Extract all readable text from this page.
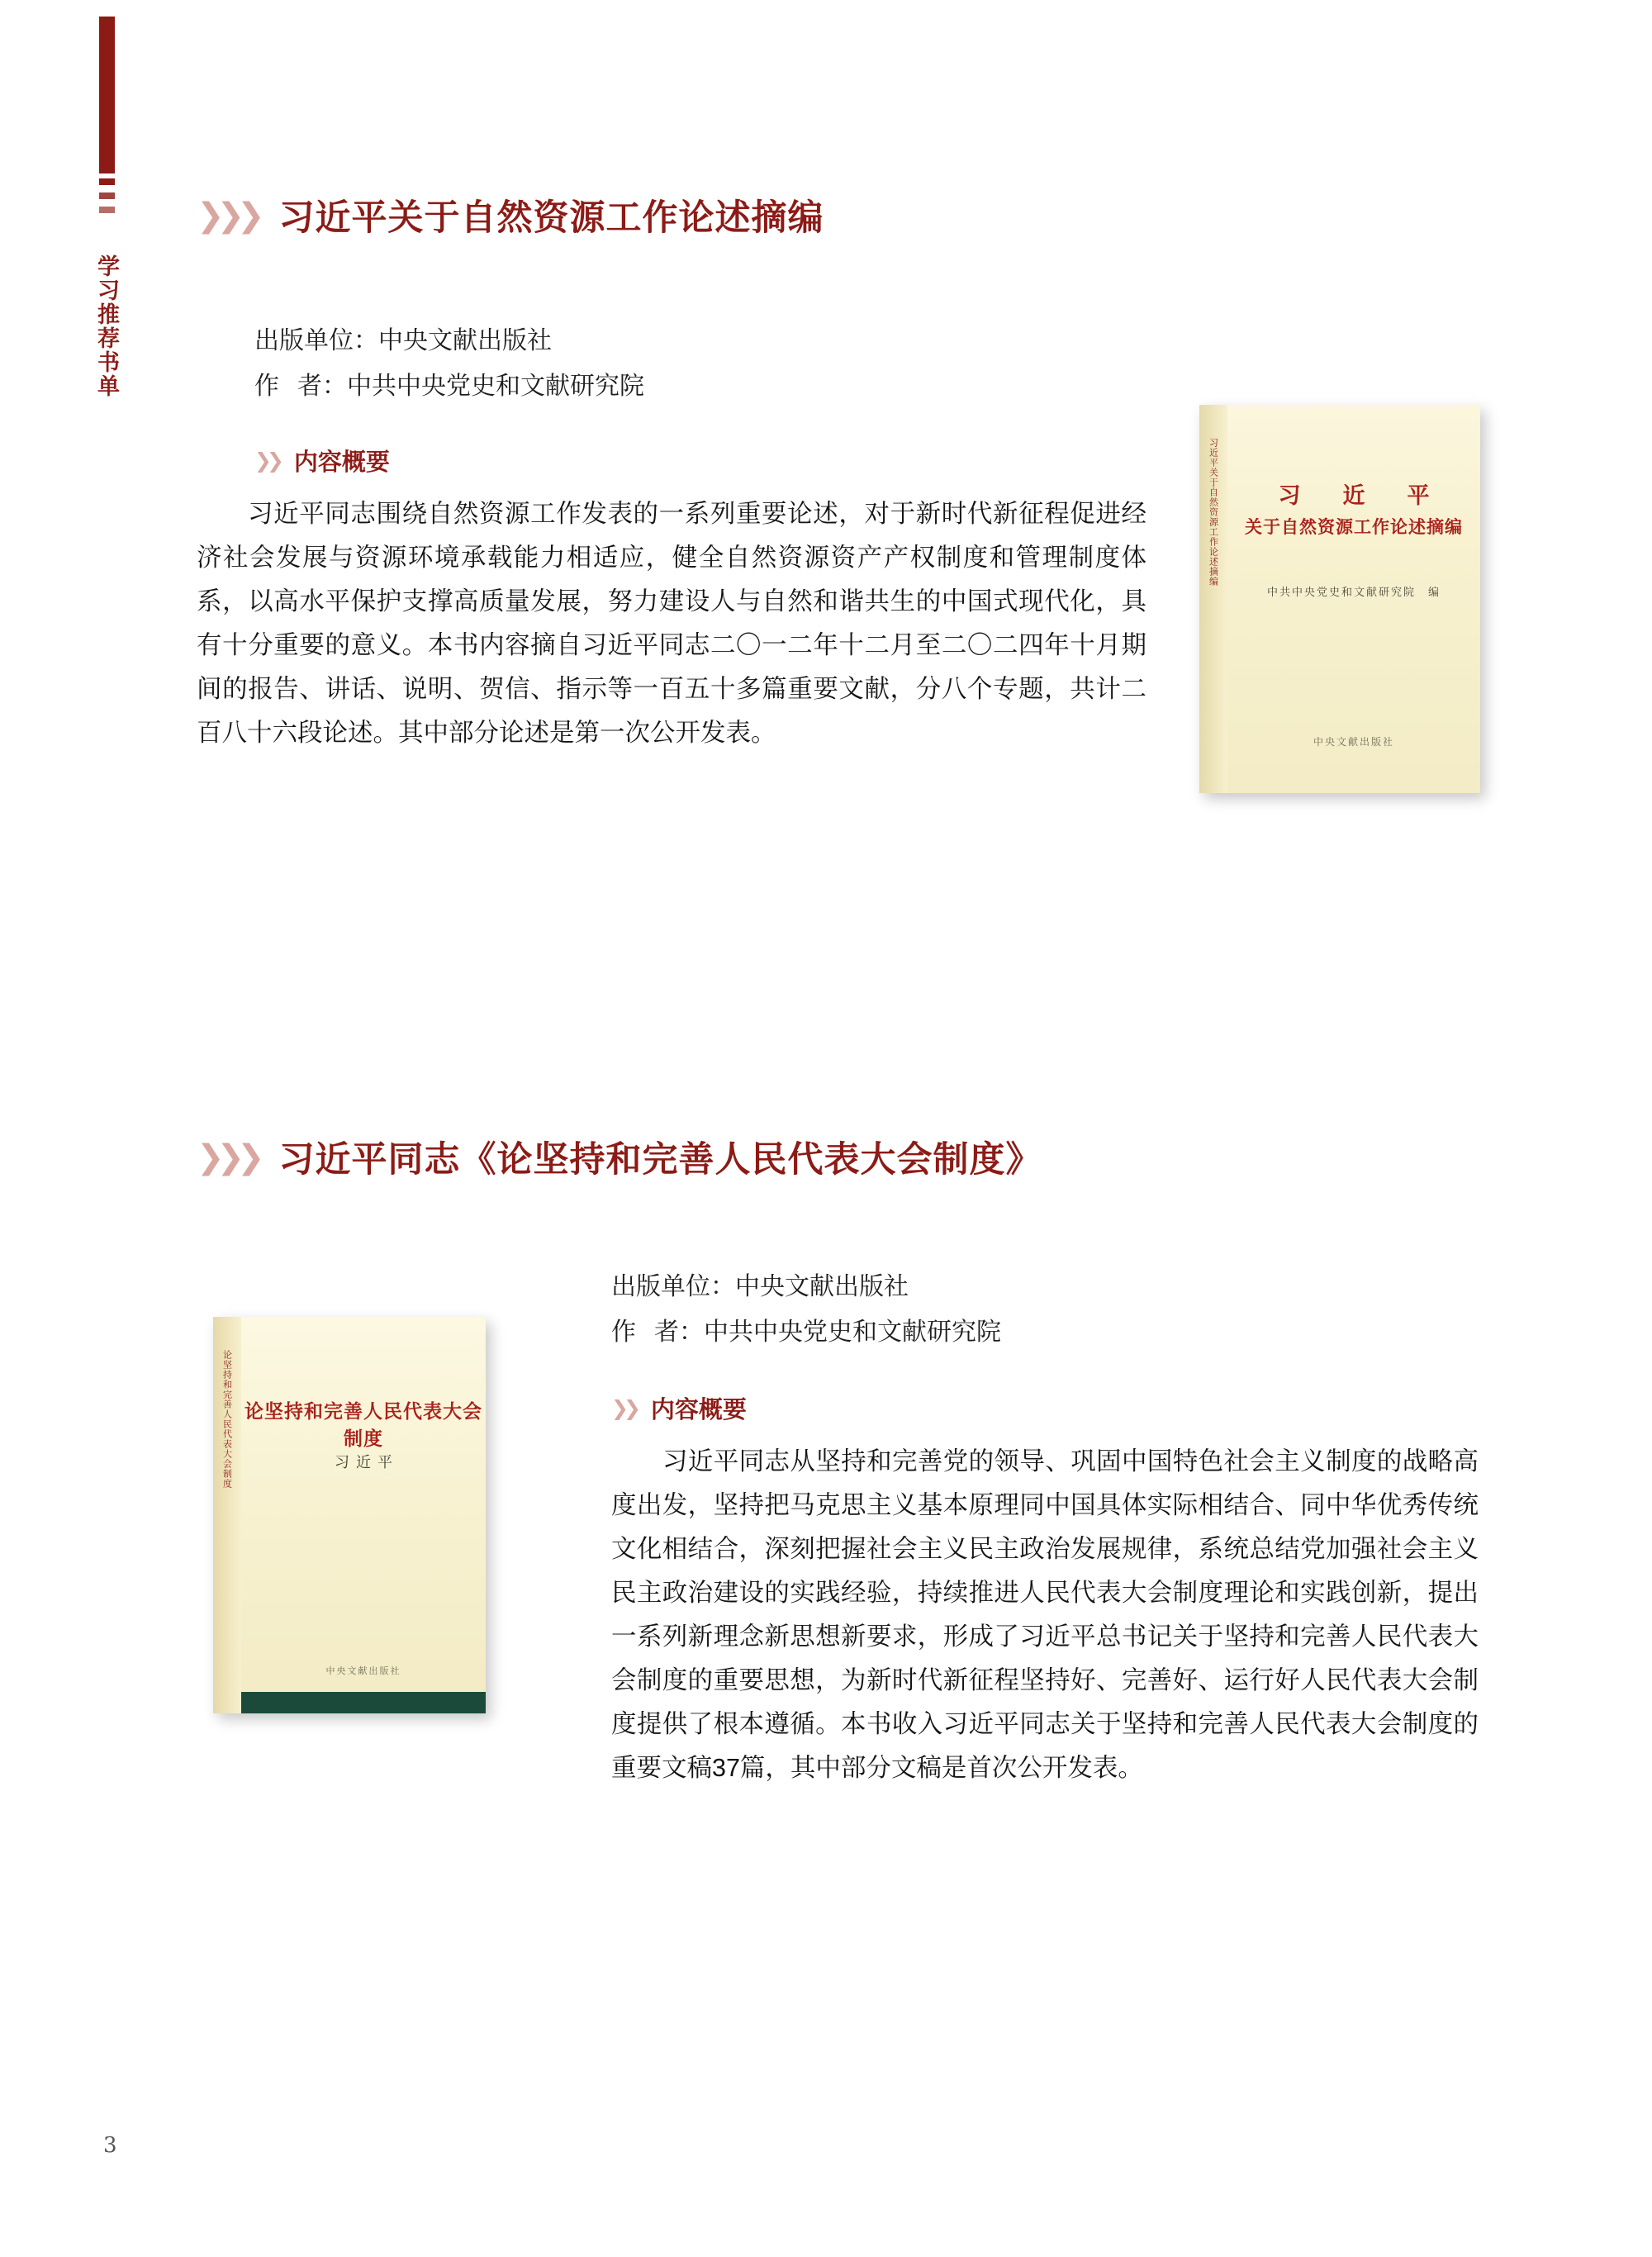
学习推荐书单
❯❯❯ 习近平关于自然资源工作论述摘编
出版单位：中央文献出版社
作者：中共中央党史和文献研究院
❯❯ 内容概要
习近平同志围绕自然资源工作发表的一系列重要论述，对于新时代新征程促进经济社会发展与资源环境承载能力相适应，健全自然资源资产产权制度和管理制度体系，以高水平保护支撑高质量发展，努力建设人与自然和谐共生的中国式现代化，具有十分重要的意义。本书内容摘自习近平同志二〇一二年十二月至二〇二四年十月期间的报告、讲话、说明、贺信、指示等一百五十多篇重要文献，分八个专题，共计二百八十六段论述。其中部分论述是第一次公开发表。
习近平关于自然资源工作论述摘编	习　近　平
关于自然资源工作论述摘编
中共中央党史和文献研究院　编
中央文献出版社
❯❯❯ 习近平同志《论坚持和完善人民代表大会制度》
出版单位：中央文献出版社
作者：中共中央党史和文献研究院
❯❯ 内容概要
习近平同志从坚持和完善党的领导、巩固中国特色社会主义制度的战略高度出发，坚持把马克思主义基本原理同中国具体实际相结合、同中华优秀传统文化相结合，深刻把握社会主义民主政治发展规律，系统总结党加强社会主义民主政治建设的实践经验，持续推进人民代表大会制度理论和实践创新，提出一系列新理念新思想新要求，形成了习近平总书记关于坚持和完善人民代表大会制度的重要思想，为新时代新征程坚持好、完善好、运行好人民代表大会制度提供了根本遵循。本书收入习近平同志关于坚持和完善人民代表大会制度的重要文稿37篇，其中部分文稿是首次公开发表。
论坚持和完善人民代表大会制度 论坚持和完善人民代表大会制度
习近平
中央文献出版社
3
